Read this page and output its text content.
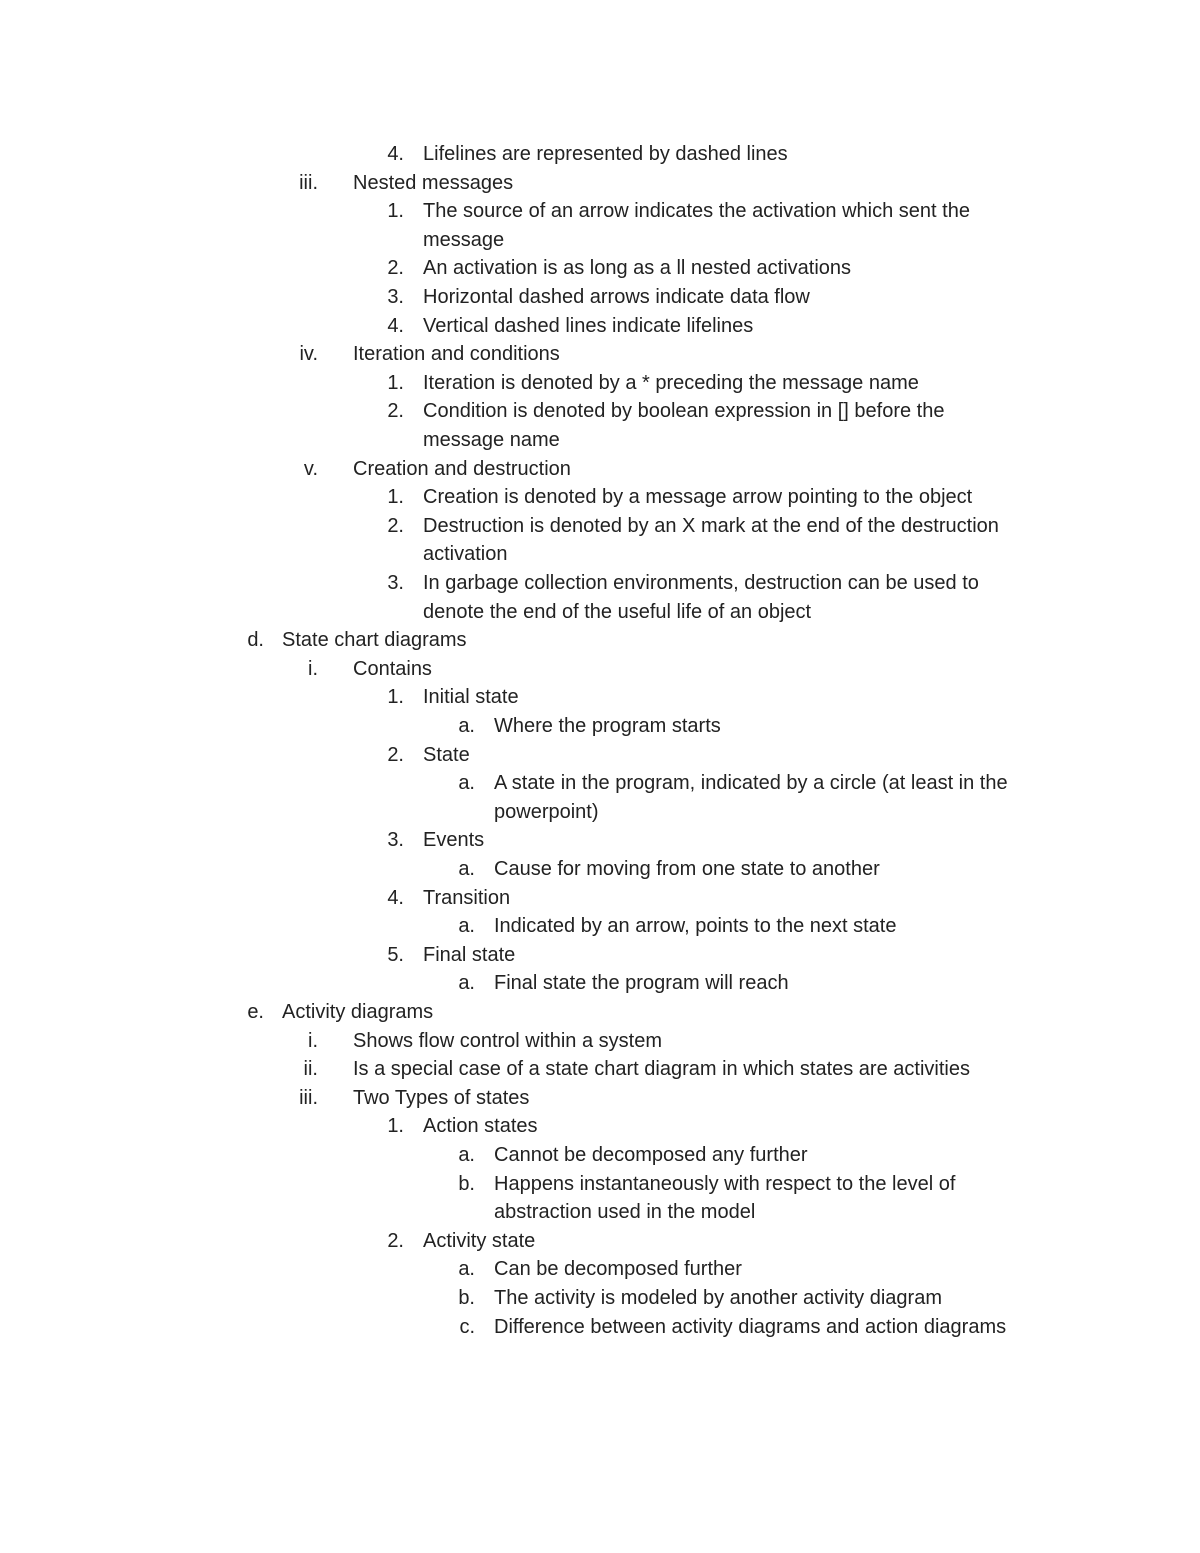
4. Lifelines are represented by dashed lines
iii. Nested messages
1. The source of an arrow indicates the activation which sent the
message
2. An activation is as long as a ll nested activations
3. Horizontal dashed arrows indicate data flow
4. Vertical dashed lines indicate lifelines
iv. Iteration and conditions
1. Iteration is denoted by a * preceding the message name
2. Condition is denoted by boolean expression in [] before the
message name
v. Creation and destruction
1. Creation is denoted by a message arrow pointing to the object
2. Destruction is denoted by an X mark at the end of the destruction
activation
3. In garbage collection environments, destruction can be used to
denote the end of the useful life of an object
d. State chart diagrams
i. Contains
1. Initial state
a. Where the program starts
2. State
a. A state in the program, indicated by a circle (at least in the
powerpoint)
3. Events
a. Cause for moving from one state to another
4. Transition
a. Indicated by an arrow, points to the next state
5. Final state
a. Final state the program will reach
e. Activity diagrams
i. Shows flow control within a system
ii. Is a special case of a state chart diagram in which states are activities
iii. Two Types of states
1. Action states
a. Cannot be decomposed any further
b. Happens instantaneously with respect to the level of
abstraction used in the model
2. Activity state
a. Can be decomposed further
b. The activity is modeled by another activity diagram
c. Difference between activity diagrams and action diagrams
